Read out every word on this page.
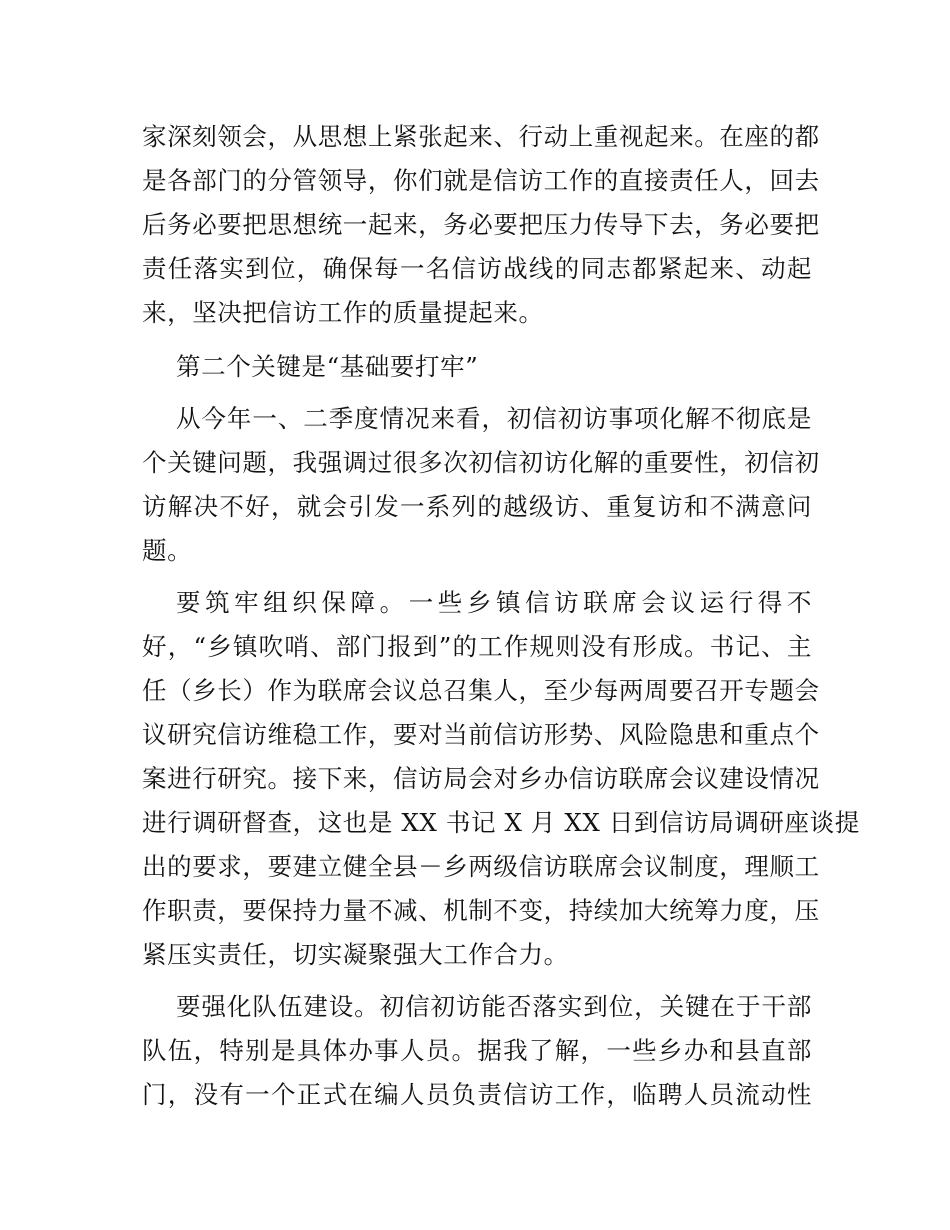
家深刻领会，从思想上紧张起来、行动上重视起来。在座的都
是各部门的分管领导，你们就是信访工作的直接责任人，回去
后务必要把思想统一起来，务必要把压力传导下去，务必要把
责任落实到位，确保每一名信访战线的同志都紧起来、动起
来，坚决把信访工作的质量提起来。
第二个关键是“基础要打牢”
从今年一、二季度情况来看，初信初访事项化解不彻底是
个关键问题，我强调过很多次初信初访化解的重要性，初信初
访解决不好，就会引发一系列的越级访、重复访和不满意问
题。
要筑牢组织保障。一些乡镇信访联席会议运行得不
好，“乡镇吹哨、部门报到”的工作规则没有形成。书记、主
任（乡长）作为联席会议总召集人，至少每两周要召开专题会
议研究信访维稳工作，要对当前信访形势、风险隐患和重点个
案进行研究。接下来，信访局会对乡办信访联席会议建设情况
进行调研督查，这也是 XX 书记 X 月 XX 日到信访局调研座谈提
出的要求，要建立健全县－乡两级信访联席会议制度，理顺工
作职责，要保持力量不减、机制不变，持续加大统筹力度，压
紧压实责任，切实凝聚强大工作合力。
要强化队伍建设。初信初访能否落实到位，关键在于干部
队伍，特别是具体办事人员。据我了解，一些乡办和县直部
门，没有一个正式在编人员负责信访工作，临聘人员流动性
